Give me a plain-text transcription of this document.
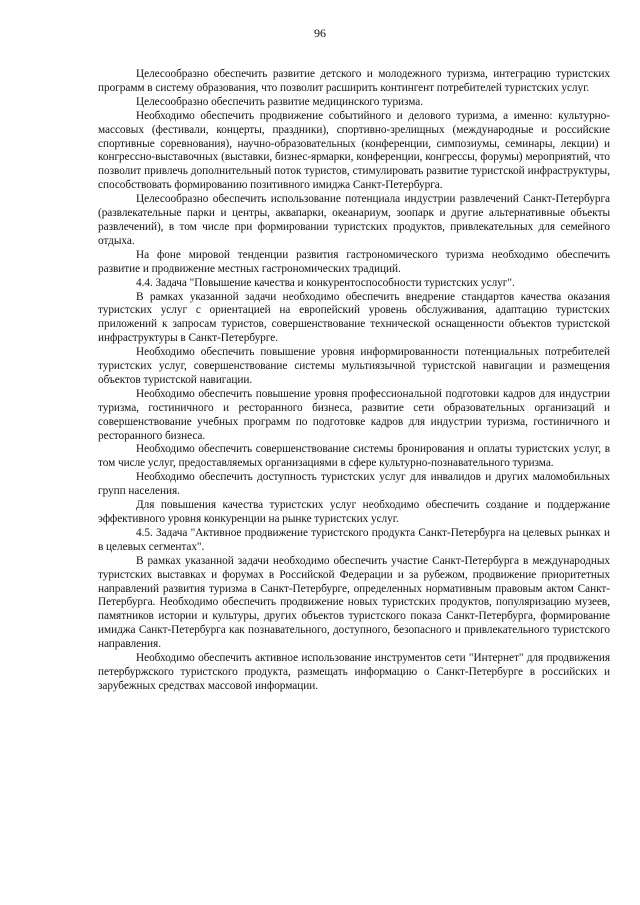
96

Целесообразно обеспечить развитие детского и молодежного туризма, интеграцию туристских программ в систему образования, что позволит расширить контингент потребителей туристских услуг.

Целесообразно обеспечить развитие медицинского туризма.

Необходимо обеспечить продвижение событийного и делового туризма, а именно: культурно-массовых (фестивали, концерты, праздники), спортивно-зрелищных (международные и российские спортивные соревнования), научно-образовательных (конференции, симпозиумы, семинары, лекции) и конгрессно-выставочных (выставки, бизнес-ярмарки, конференции, конгрессы, форумы) мероприятий, что позволит привлечь дополнительный поток туристов, стимулировать развитие туристской инфраструктуры, способствовать формированию позитивного имиджа Санкт-Петербурга.

Целесообразно обеспечить использование потенциала индустрии развлечений Санкт-Петербурга (развлекательные парки и центры, аквапарки, океанариум, зоопарк и другие альтернативные объекты развлечений), в том числе при формировании туристских продуктов, привлекательных для семейного отдыха.

На фоне мировой тенденции развития гастрономического туризма необходимо обеспечить развитие и продвижение местных гастрономических традиций.

4.4. Задача "Повышение качества и конкурентоспособности туристских услуг".

В рамках указанной задачи необходимо обеспечить внедрение стандартов качества оказания туристских услуг с ориентацией на европейский уровень обслуживания, адаптацию туристских приложений к запросам туристов, совершенствование технической оснащенности объектов туристской инфраструктуры в Санкт-Петербурге.

Необходимо обеспечить повышение уровня информированности потенциальных потребителей туристских услуг, совершенствование системы мультиязычной туристской навигации и размещения объектов туристской навигации.

Необходимо обеспечить повышение уровня профессиональной подготовки кадров для индустрии туризма, гостиничного и ресторанного бизнеса, развитие сети образовательных организаций и совершенствование учебных программ по подготовке кадров для индустрии туризма, гостиничного и ресторанного бизнеса.

Необходимо обеспечить совершенствование системы бронирования и оплаты туристских услуг, в том числе услуг, предоставляемых организациями в сфере культурно-познавательного туризма.

Необходимо обеспечить доступность туристских услуг для инвалидов и других маломобильных групп населения.

Для повышения качества туристских услуг необходимо обеспечить создание и поддержание эффективного уровня конкуренции на рынке туристских услуг.

4.5. Задача "Активное продвижение туристского продукта Санкт-Петербурга на целевых рынках и в целевых сегментах".

В рамках указанной задачи необходимо обеспечить участие Санкт-Петербурга в международных туристских выставках и форумах в Российской Федерации и за рубежом, продвижение приоритетных направлений развития туризма в Санкт-Петербурге, определенных нормативным правовым актом Санкт-Петербурга. Необходимо обеспечить продвижение новых туристских продуктов, популяризацию музеев, памятников истории и культуры, других объектов туристского показа Санкт-Петербурга, формирование имиджа Санкт-Петербурга как познавательного, доступного, безопасного и привлекательного туристского направления.

Необходимо обеспечить активное использование инструментов сети "Интернет" для продвижения петербуржского туристского продукта, размещать информацию о Санкт-Петербурге в российских и зарубежных средствах массовой информации.
